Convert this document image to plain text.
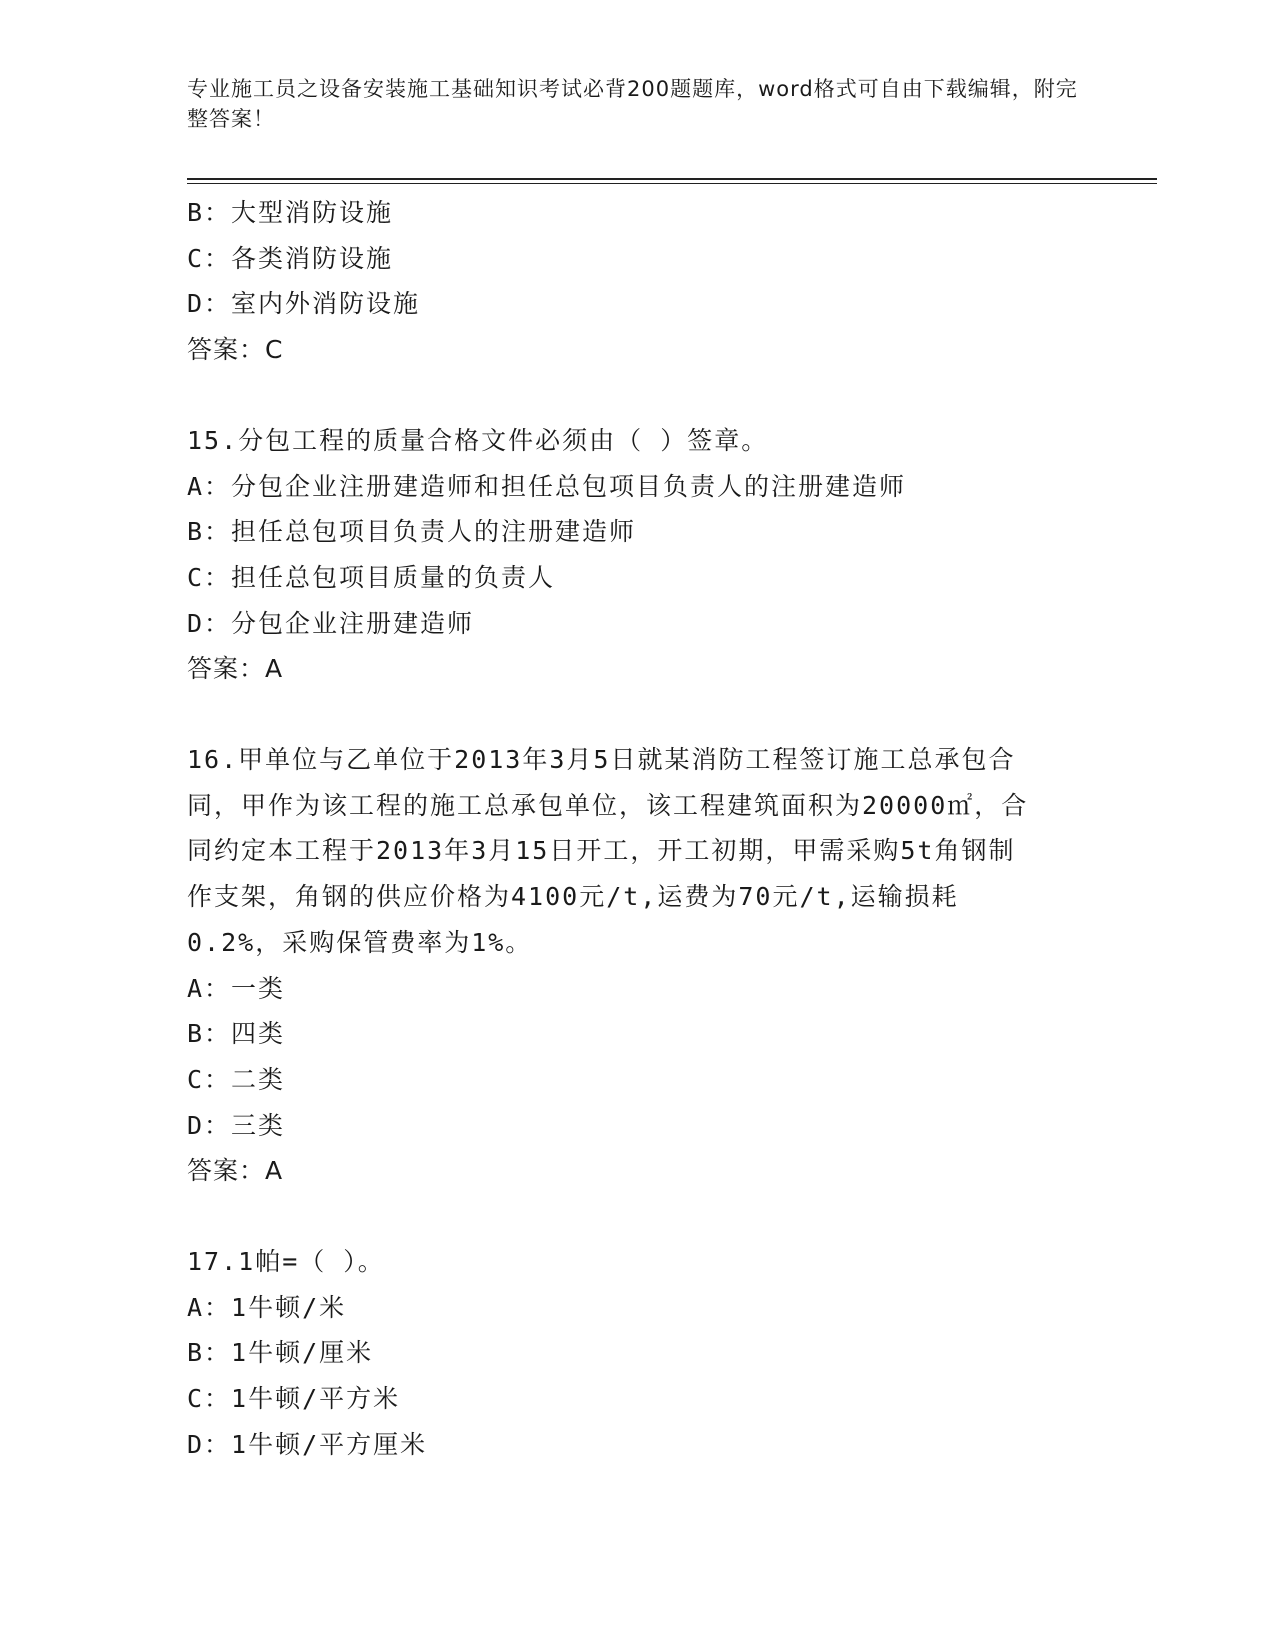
专业施工员之设备安装施工基础知识考试必背200题题库，word格式可自由下载编辑，附完整答案！
B：大型消防设施
C：各类消防设施
D：室内外消防设施
答案：C
15.分包工程的质量合格文件必须由（ ）签章。
A：分包企业注册建造师和担任总包项目负责人的注册建造师
B：担任总包项目负责人的注册建造师
C：担任总包项目质量的负责人
D：分包企业注册建造师
答案：A
16.甲单位与乙单位于2013年3月5日就某消防工程签订施工总承包合同，甲作为该工程的施工总承包单位，该工程建筑面积为20000㎡，合同约定本工程于2013年3月15日开工，开工初期，甲需采购5t角钢制作支架，角钢的供应价格为4100元/t,运费为70元/t,运输损耗0.2%，采购保管费率为1%。
A：一类
B：四类
C：二类
D：三类
答案：A
17.1帕=（ ）。
A：1牛顿/米
B：1牛顿/厘米
C：1牛顿/平方米
D：1牛顿/平方厘米
